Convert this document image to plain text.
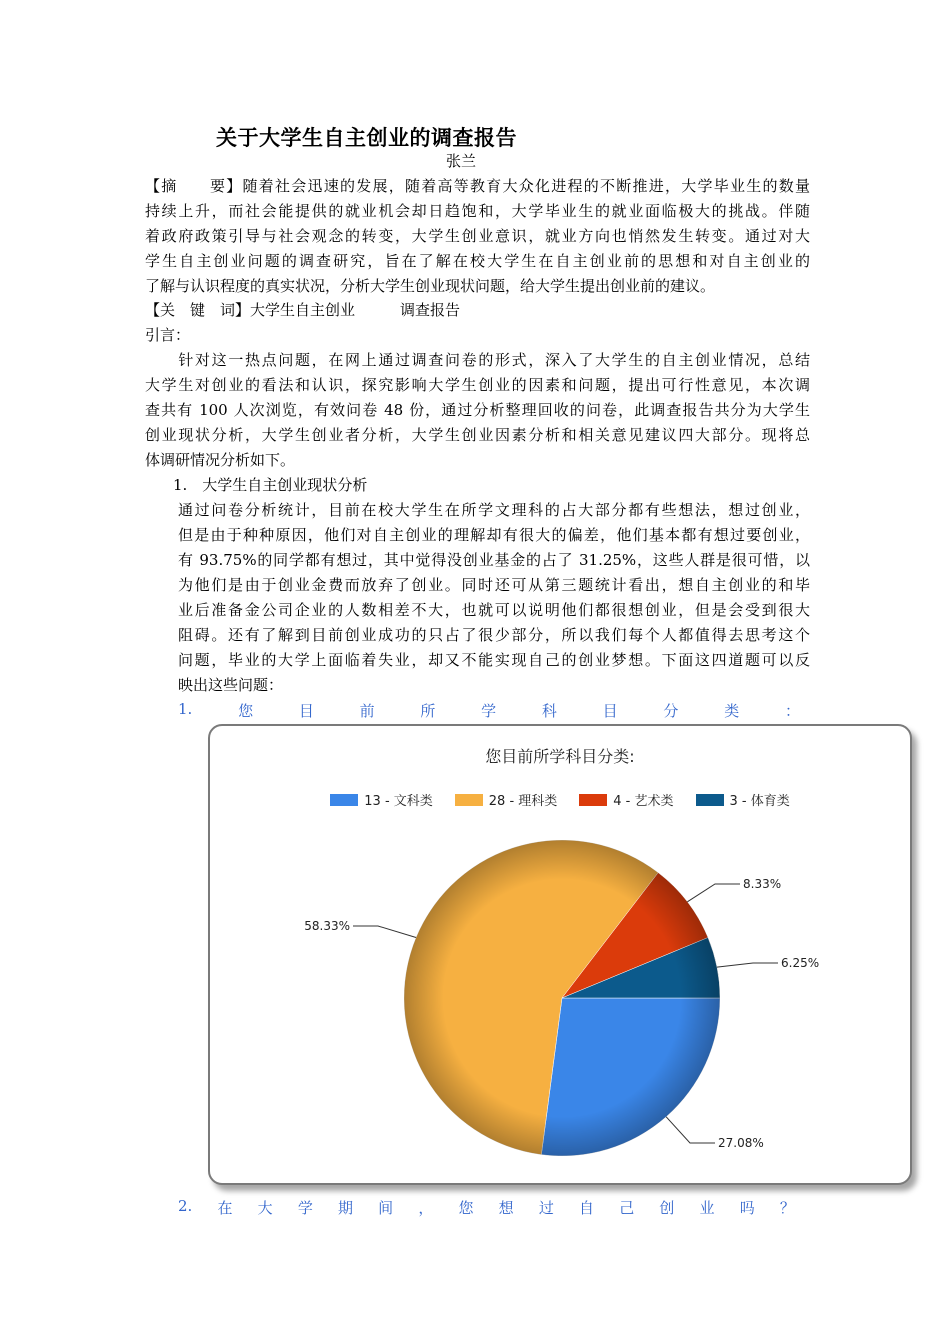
关于大学生自主创业的调查报告
张兰
【摘　　要】随着社会迅速的发展，随着高等教育大众化进程的不断推进，大学毕业生的数量
持续上升，而社会能提供的就业机会却日趋饱和，大学毕业生的就业面临极大的挑战。伴随
着政府政策引导与社会观念的转变，大学生创业意识，就业方向也悄然发生转变。通过对大
学生自主创业问题的调查研究，旨在了解在校大学生在自主创业前的思想和对自主创业的
了解与认识程度的真实状况，分析大学生创业现状问题，给大学生提出创业前的建议。
【关　键　词】大学生自主创业　　　调查报告
引言：
　　针对这一热点问题，在网上通过调查问卷的形式，深入了大学生的自主创业情况，总结
大学生对创业的看法和认识，探究影响大学生创业的因素和问题，提出可行性意见，本次调
查共有 100 人次浏览，有效问卷 48 份，通过分析整理回收的问卷，此调查报告共分为大学生
创业现状分析，大学生创业者分析，大学生创业因素分析和相关意见建议四大部分。现将总
体调研情况分析如下。
1.　大学生自主创业现状分析
通过问卷分析统计，目前在校大学生在所学文理科的占大部分都有些想法，想过创业，
但是由于种种原因，他们对自主创业的理解却有很大的偏差，他们基本都有想过要创业，
有 93.75%的同学都有想过，其中觉得没创业基金的占了 31.25%，这些人群是很可惜，以
为他们是由于创业金费而放弃了创业。同时还可从第三题统计看出，想自主创业的和毕
业后准备金公司企业的人数相差不大，也就可以说明他们都很想创业，但是会受到很大
阻碍。还有了解到目前创业成功的只占了很少部分，所以我们每个人都值得去思考这个
问题，毕业的大学上面临着失业，却又不能实现自己的创业梦想。下面这四道题可以反
映出这些问题：
1.	您	目	前	所	学	科	目	分	类	：
您目前所学科目分类:
13 - 文科类	28 - 理科类	4 - 艺术类	3 - 体育类
27.08%
58.33%
8.33%
6.25%
2. 在 大 学 期 间 ， 您 想 过 自 己 创 业 吗 ？
